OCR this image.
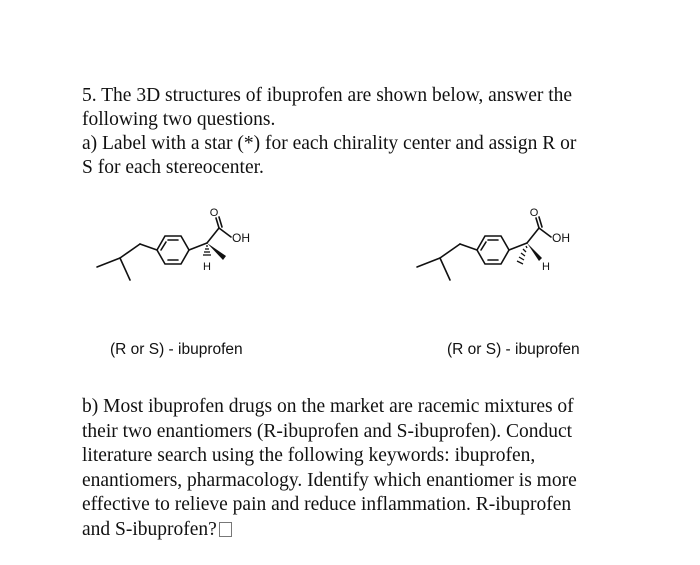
5. The 3D structures of ibuprofen are shown below, answer the

following two questions.

a) Label with a star (*) for each chirality center and assign R or

S for each stereocenter.

O
OH
H
O
OH
H
(R or S) - ibuprofen	(R or S) - ibuprofen

b) Most ibuprofen drugs on the market are racemic mixtures of

their two enantiomers (R-ibuprofen and S-ibuprofen). Conduct

literature search using the following keywords: ibuprofen,

enantiomers, pharmacology. Identify which enantiomer is more

effective to relieve pain and reduce inflammation. R-ibuprofen

and S-ibuprofen?
